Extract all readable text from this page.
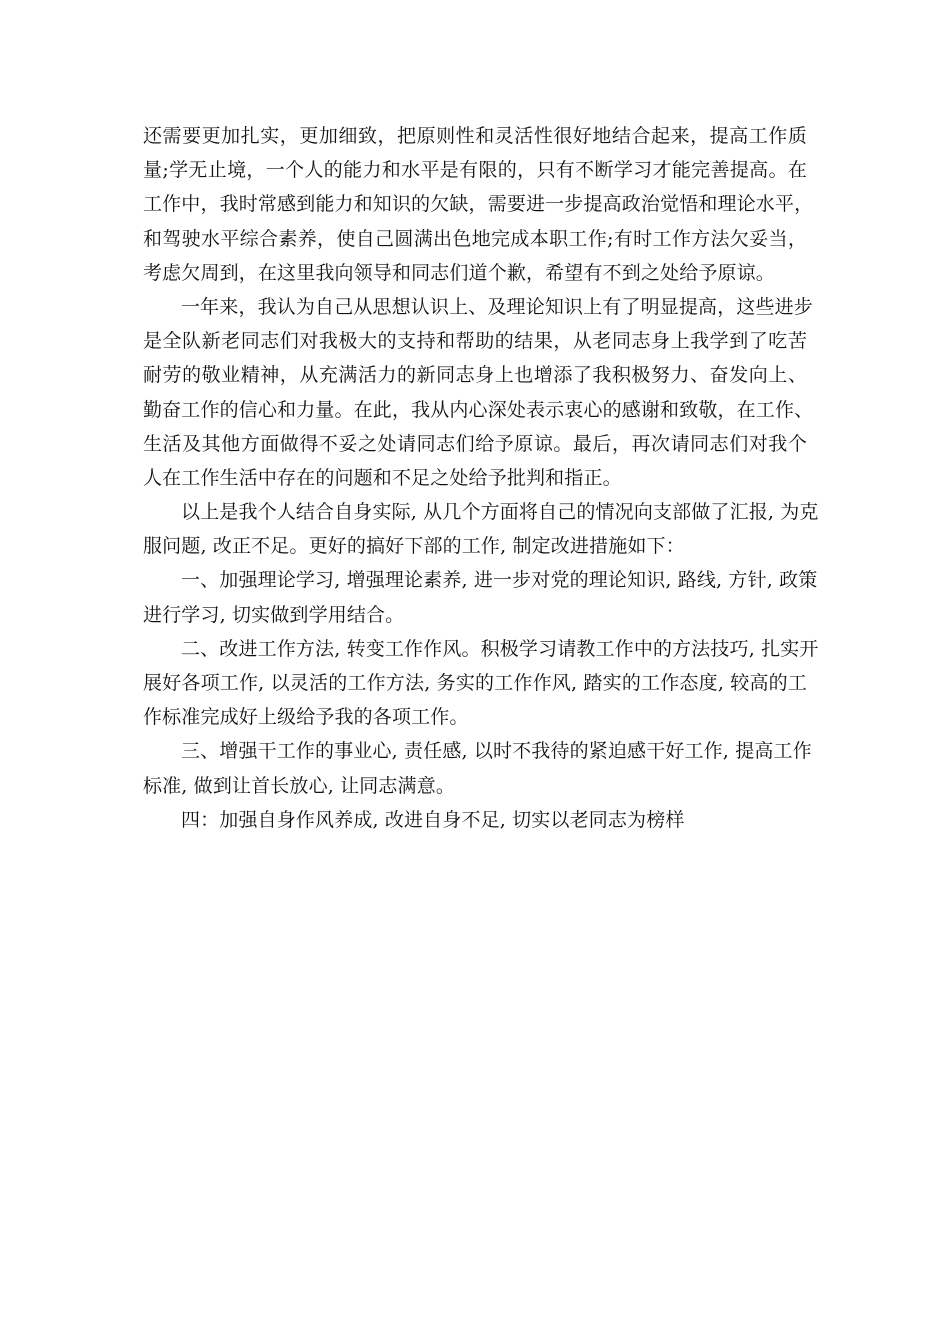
还需要更加扎实，更加细致，把原则性和灵活性很好地结合起来，提高工作质
量;学无止境，一个人的能力和水平是有限的，只有不断学习才能完善提高。在
工作中，我时常感到能力和知识的欠缺，需要进一步提高政治觉悟和理论水平，
和驾驶水平综合素养，使自己圆满出色地完成本职工作;有时工作方法欠妥当，
考虑欠周到，在这里我向领导和同志们道个歉，希望有不到之处给予原谅。
一年来，我认为自己从思想认识上、及理论知识上有了明显提高，这些进步
是全队新老同志们对我极大的支持和帮助的结果，从老同志身上我学到了吃苦
耐劳的敬业精神，从充满活力的新同志身上也增添了我积极努力、奋发向上、
勤奋工作的信心和力量。在此，我从内心深处表示衷心的感谢和致敬，在工作、
生活及其他方面做得不妥之处请同志们给予原谅。最后，再次请同志们对我个
人在工作生活中存在的问题和不足之处给予批判和指正。
以上是我个人结合自身实际, 从几个方面将自己的情况向支部做了汇报, 为克
服问题, 改正不足。更好的搞好下部的工作, 制定改进措施如下：
一、加强理论学习, 增强理论素养, 进一步对党的理论知识, 路线, 方针, 政策
进行学习, 切实做到学用结合。
二、改进工作方法, 转变工作作风。积极学习请教工作中的方法技巧, 扎实开
展好各项工作, 以灵活的工作方法, 务实的工作作风, 踏实的工作态度, 较高的工
作标准完成好上级给予我的各项工作。
三、增强干工作的事业心, 责任感, 以时不我待的紧迫感干好工作, 提高工作
标准, 做到让首长放心, 让同志满意。
四：加强自身作风养成, 改进自身不足, 切实以老同志为榜样
